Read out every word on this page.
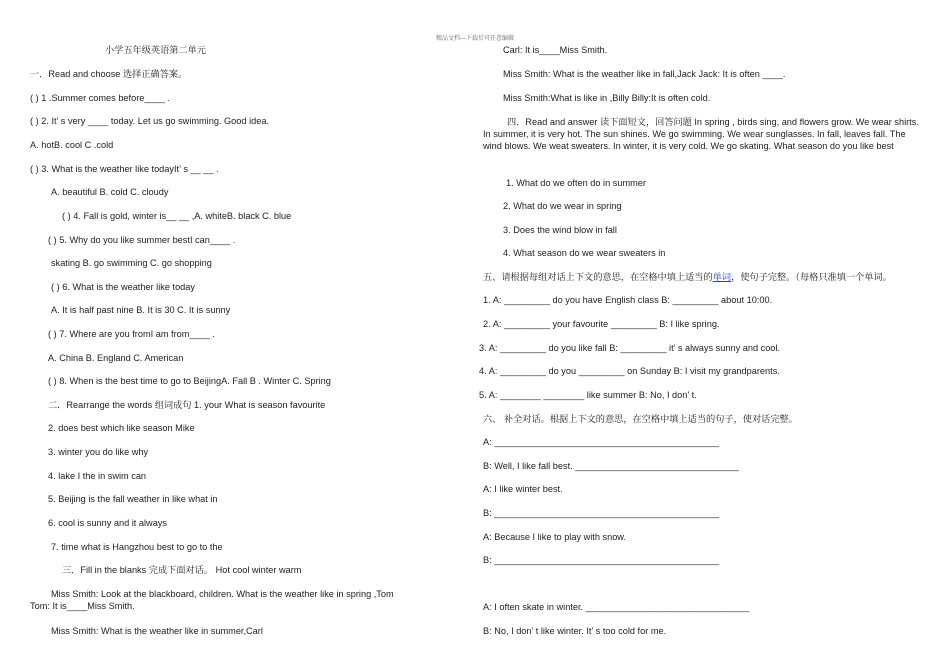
精品文档---下载后可任意编辑
小学五年级英语第二单元
一．Read and choose 选择正确答案。
( ) 1 .Summer comes before____ .
( ) 2. It’ s very ____ today. Let us go swimming. Good idea.
A. hotB. cool C .cold
( ) 3. What is the weather like todayIt’ s __ __ .
A. beautiful B. cold C. cloudy
( ) 4. Fall is gold, winter is__ __ ,A. whiteB. black C. blue
( ) 5. Why do you like summer bestI can____ .
skating B. go swimming C. go shopping
( ) 6. What is the weather like today
A. It is half past nine B. It is 30 C. It is sunny
( ) 7. Where are you fromI am from____ .
A. China B. England C. American
( ) 8. When is the best time to go to BeijingA. Fall B . Winter C. Spring
二．Rearrange the words 组词成句 1. your What is season favourite
2. does best which like season Mike
3. winter you do like why
4. lake I the in swim can
5. Beijing is the fall weather in like what in
6. cool is sunny and it always
7. time what is Hangzhou best to go to the
三．Fill in the blanks 完成下面对话。 Hot cool winter warm
Miss Smith: Look at the blackboard, children. What is the weather like in spring ,Tom
Tom: It is____Miss Smith.
Miss Smith: What is the weather like in summer,Carl
Carl: It is____Miss Smith.
Miss Smith: What is the weather like in fall,Jack Jack: It is often ____.
Miss Smith:What is like in ,Billy Billy:It is often cold.
四．Read and answer 读下面短文，回答问题 In spring , birds sing, and flowers grow. We wear shirts. In summer, it is very hot. The sun shines. We go swimming. We wear sunglasses. In fall, leaves fall. The wind blows. We weat sweaters. In winter, it is very cold. We go skating. What season do you like best
1. What do we often do in summer
2. What do we wear in spring
3. Does the wind blow in fall
4. What season do we wear sweaters in
五、请根据每组对话上下文的意思，在空格中填上适当的单词，使句子完整。（每格只准填一个单词。
1. A: _________ do you have English class B: _________ about 10:00.
2. A: _________ your favourite _________ B: I like spring.
3. A: _________ do you like fall B: _________ it’ s always sunny and cool.
4. A: _________ do you _________ on Sunday B: I visit my grandparents.
5. A: ________ ________ like summer B: No, I don’ t.
六、 补全对话。根据上下文的意思，在空格中填上适当的句子，使对话完整。
A: ____________________________________________
B: Well, I like fall best. ________________________________
A: I like winter best.
B: ____________________________________________
A: Because I like to play with snow.
B: ____________________________________________
A: I often skate in winter. ________________________________
B: No, I don’ t like winter. It’ s too cold for me.
